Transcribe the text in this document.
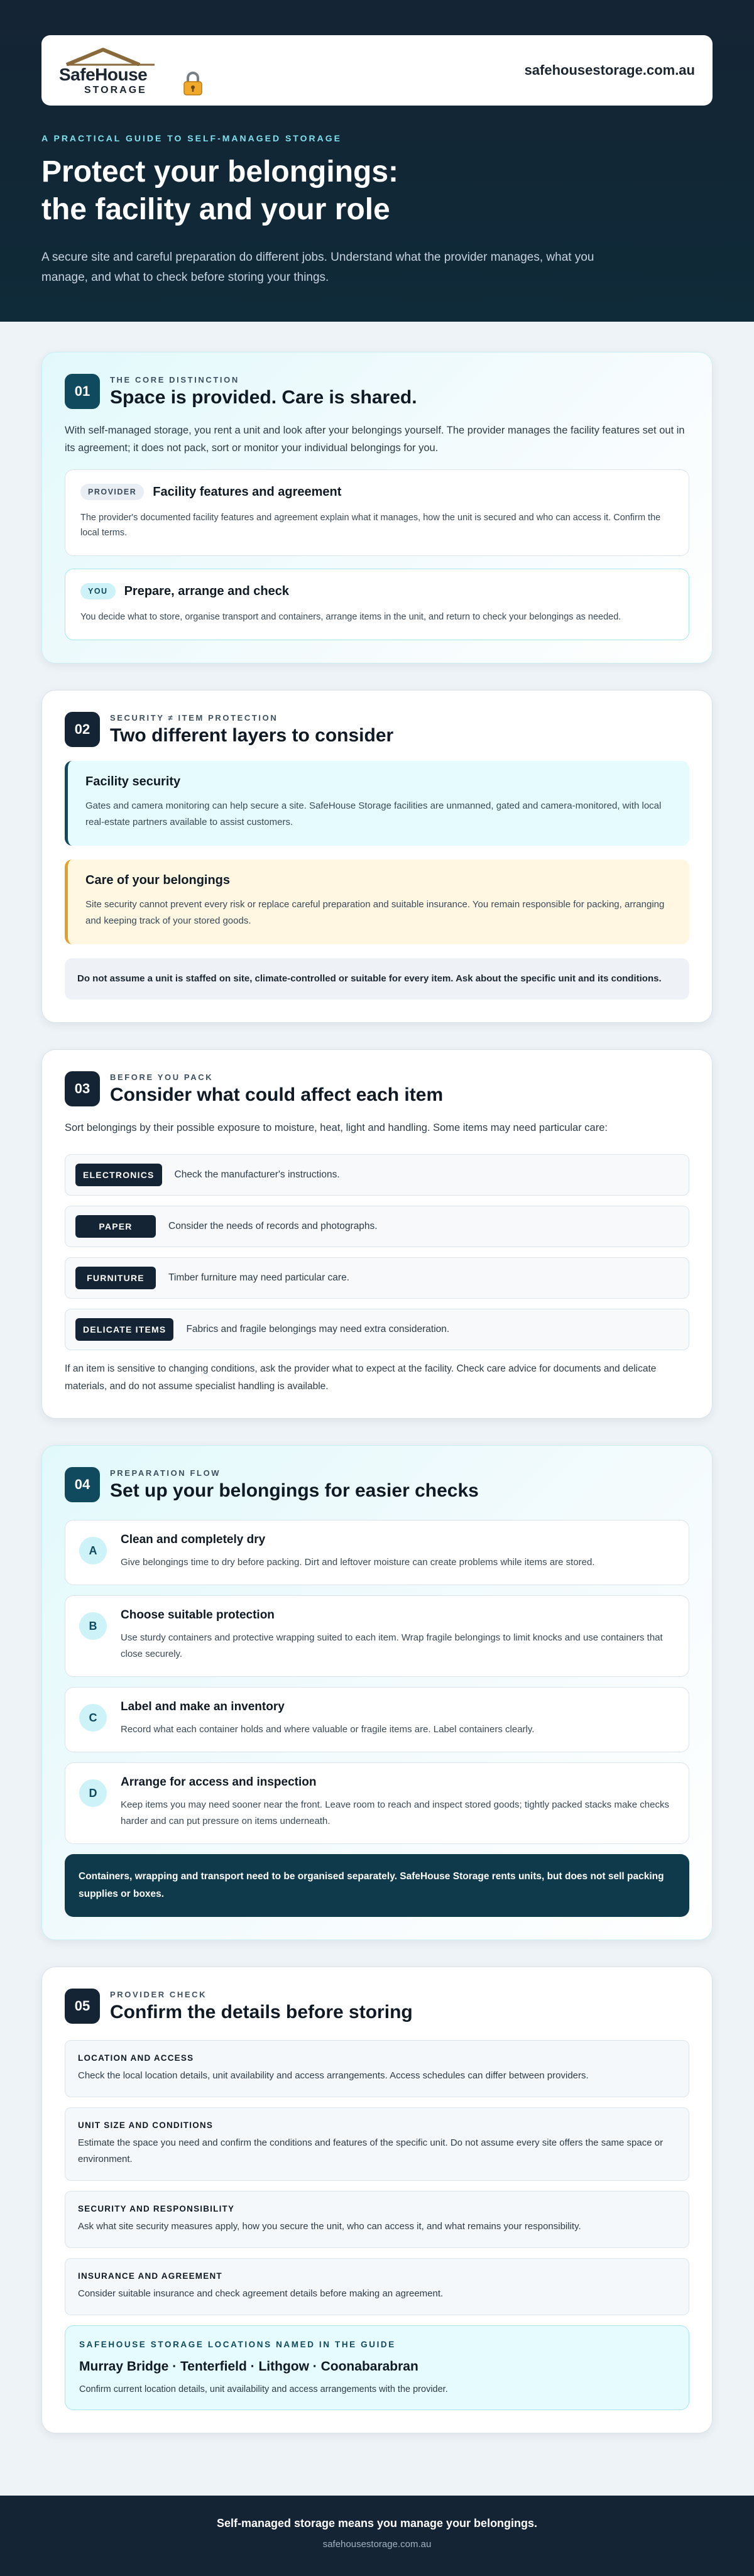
SafeHouse
STORAGE
safehousestorage.com.au
A PRACTICAL GUIDE TO SELF-MANAGED STORAGE
Protect your belongings:
the facility and your role

A secure site and careful preparation do different jobs. Understand what the provider manages, what you manage, and what to check before storing your things.

01
THE CORE DISTINCTION
Space is provided. Care is shared.

With self-managed storage, you rent a unit and look after your belongings yourself. The provider manages the facility features set out in its agreement; it does not pack, sort or monitor your individual belongings for you.

PROVIDER	Facility features and agreement

The provider's documented facility features and agreement explain what it manages, how the unit is secured and who can access it. Confirm the local terms.

YOU	Prepare, arrange and check

You decide what to store, organise transport and containers, arrange items in the unit, and return to check your belongings as needed.

02
SECURITY ≠ ITEM PROTECTION
Two different layers to consider
Facility security

Gates and camera monitoring can help secure a site. SafeHouse Storage facilities are unmanned, gated and camera-monitored, with local real-estate partners available to assist customers.

Care of your belongings

Site security cannot prevent every risk or replace careful preparation and suitable insurance. You remain responsible for packing, arranging and keeping track of your stored goods.

Do not assume a unit is staffed on site, climate-controlled or suitable for every item. Ask about the specific unit and its conditions.
03
BEFORE YOU PACK
Consider what could affect each item

Sort belongings by their possible exposure to moisture, heat, light and handling. Some items may need particular care:

ELECTRONICS	Check the manufacturer's instructions.
PAPER	Consider the needs of records and photographs.
FURNITURE	Timber furniture may need particular care.
DELICATE ITEMS	Fabrics and fragile belongings may need extra consideration.

If an item is sensitive to changing conditions, ask the provider what to expect at the facility. Check care advice for documents and delicate materials, and do not assume specialist handling is available.

04
PREPARATION FLOW
Set up your belongings for easier checks
A
Clean and completely dry

Give belongings time to dry before packing. Dirt and leftover moisture can create problems while items are stored.

B
Choose suitable protection

Use sturdy containers and protective wrapping suited to each item. Wrap fragile belongings to limit knocks and use containers that close securely.

C
Label and make an inventory

Record what each container holds and where valuable or fragile items are. Label containers clearly.

D
Arrange for access and inspection

Keep items you may need sooner near the front. Leave room to reach and inspect stored goods; tightly packed stacks make checks harder and can put pressure on items underneath.

Containers, wrapping and transport need to be organised separately. SafeHouse Storage rents units, but does not sell packing supplies or boxes.
05
PROVIDER CHECK
Confirm the details before storing
LOCATION AND ACCESS

Check the local location details, unit availability and access arrangements. Access schedules can differ between providers.

UNIT SIZE AND CONDITIONS

Estimate the space you need and confirm the conditions and features of the specific unit. Do not assume every site offers the same space or environment.

SECURITY AND RESPONSIBILITY

Ask what site security measures apply, how you secure the unit, who can access it, and what remains your responsibility.

INSURANCE AND AGREEMENT

Consider suitable insurance and check agreement details before making an agreement.

SAFEHOUSE STORAGE LOCATIONS NAMED IN THE GUIDE
Murray Bridge · Tenterfield · Lithgow · Coonabarabran

Confirm current location details, unit availability and access arrangements with the provider.

Self-managed storage means you manage your belongings.
safehousestorage.com.au
